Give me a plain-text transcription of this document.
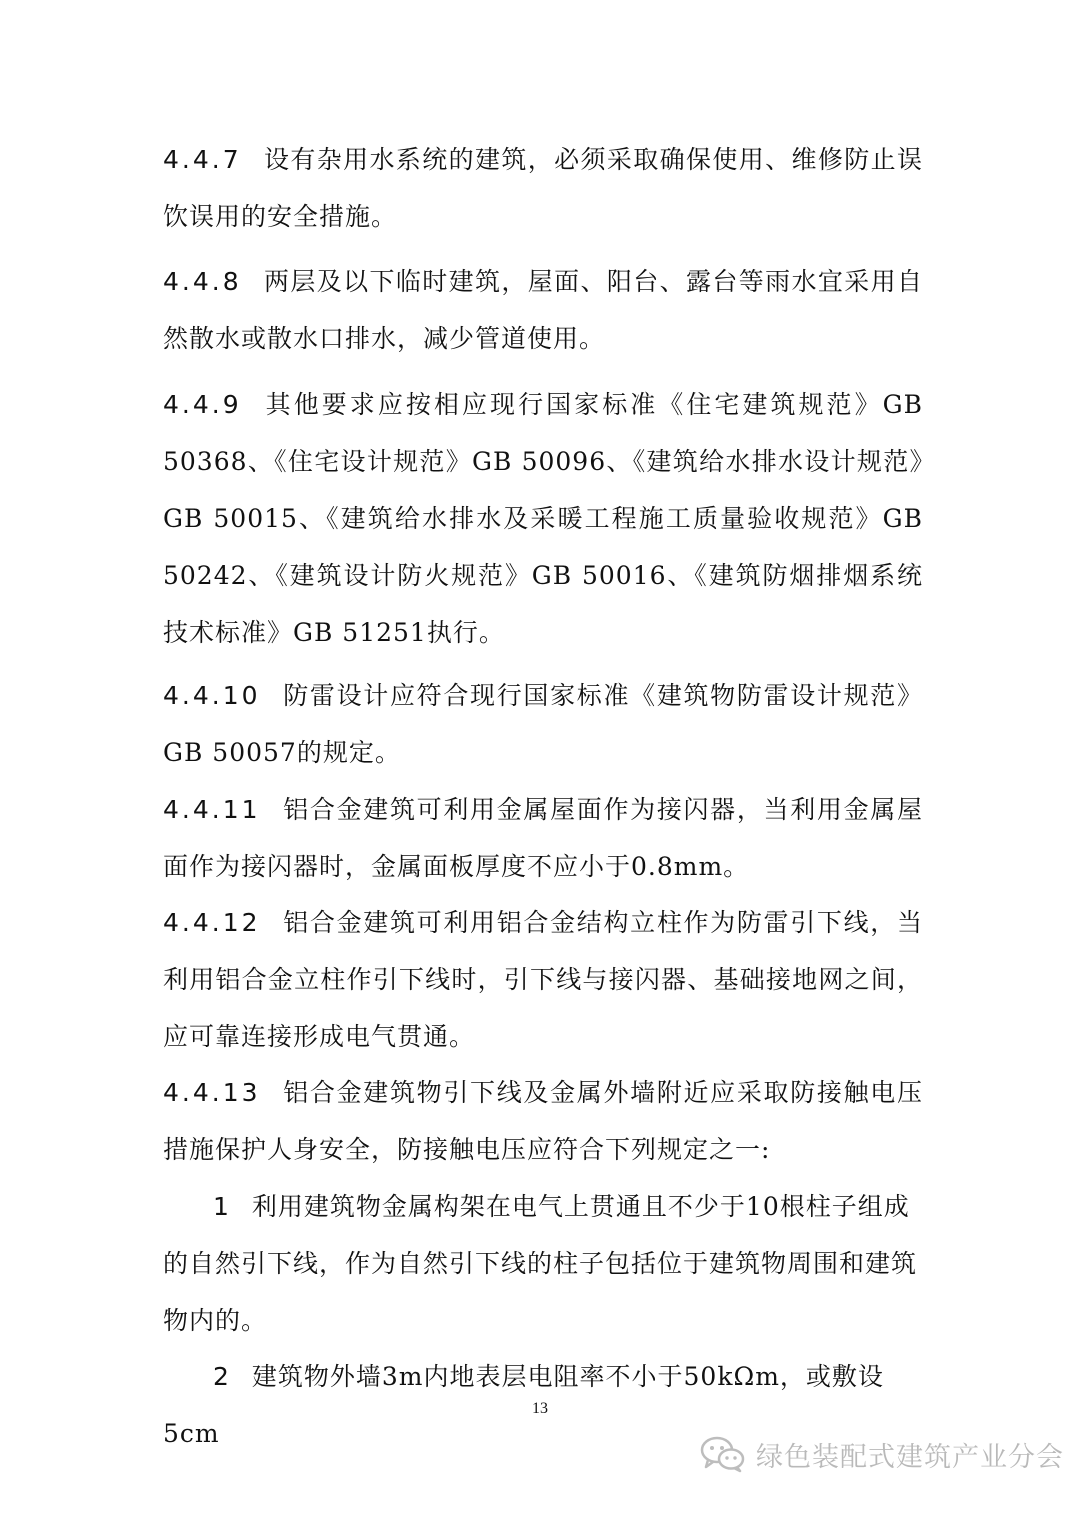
4.4.7 设有杂用水系统的建筑，必须采取确保使用、维修防止误饮误用的安全措施。

4.4.8 两层及以下临时建筑，屋面、阳台、露台等雨水宜采用自然散水或散水口排水，减少管道使用。

4.4.9 其他要求应按相应现行国家标准《住宅建筑规范》GB 50368、《住宅设计规范》GB 50096、《建筑给水排水设计规范》GB 50015、《建筑给水排水及采暖工程施工质量验收规范》GB 50242、《建筑设计防火规范》GB 50016、《建筑防烟排烟系统技术标准》GB 51251执行。

4.4.10 防雷设计应符合现行国家标准《建筑物防雷设计规范》GB 50057的规定。

4.4.11 铝合金建筑可利用金属屋面作为接闪器，当利用金属屋面作为接闪器时，金属面板厚度不应小于0.8mm。

4.4.12 铝合金建筑可利用铝合金结构立柱作为防雷引下线，当利用铝合金立柱作引下线时，引下线与接闪器、基础接地网之间，应可靠连接形成电气贯通。

4.4.13 铝合金建筑物引下线及金属外墙附近应采取防接触电压措施保护人身安全，防接触电压应符合下列规定之一:

1 利用建筑物金属构架在电气上贯通且不少于10根柱子组成的自然引下线，作为自然引下线的柱子包括位于建筑物周围和建筑物内的。

2 建筑物外墙3m内地表层电阻率不小于50kΩm，或敷设5cm

13
绿色装配式建筑产业分会
